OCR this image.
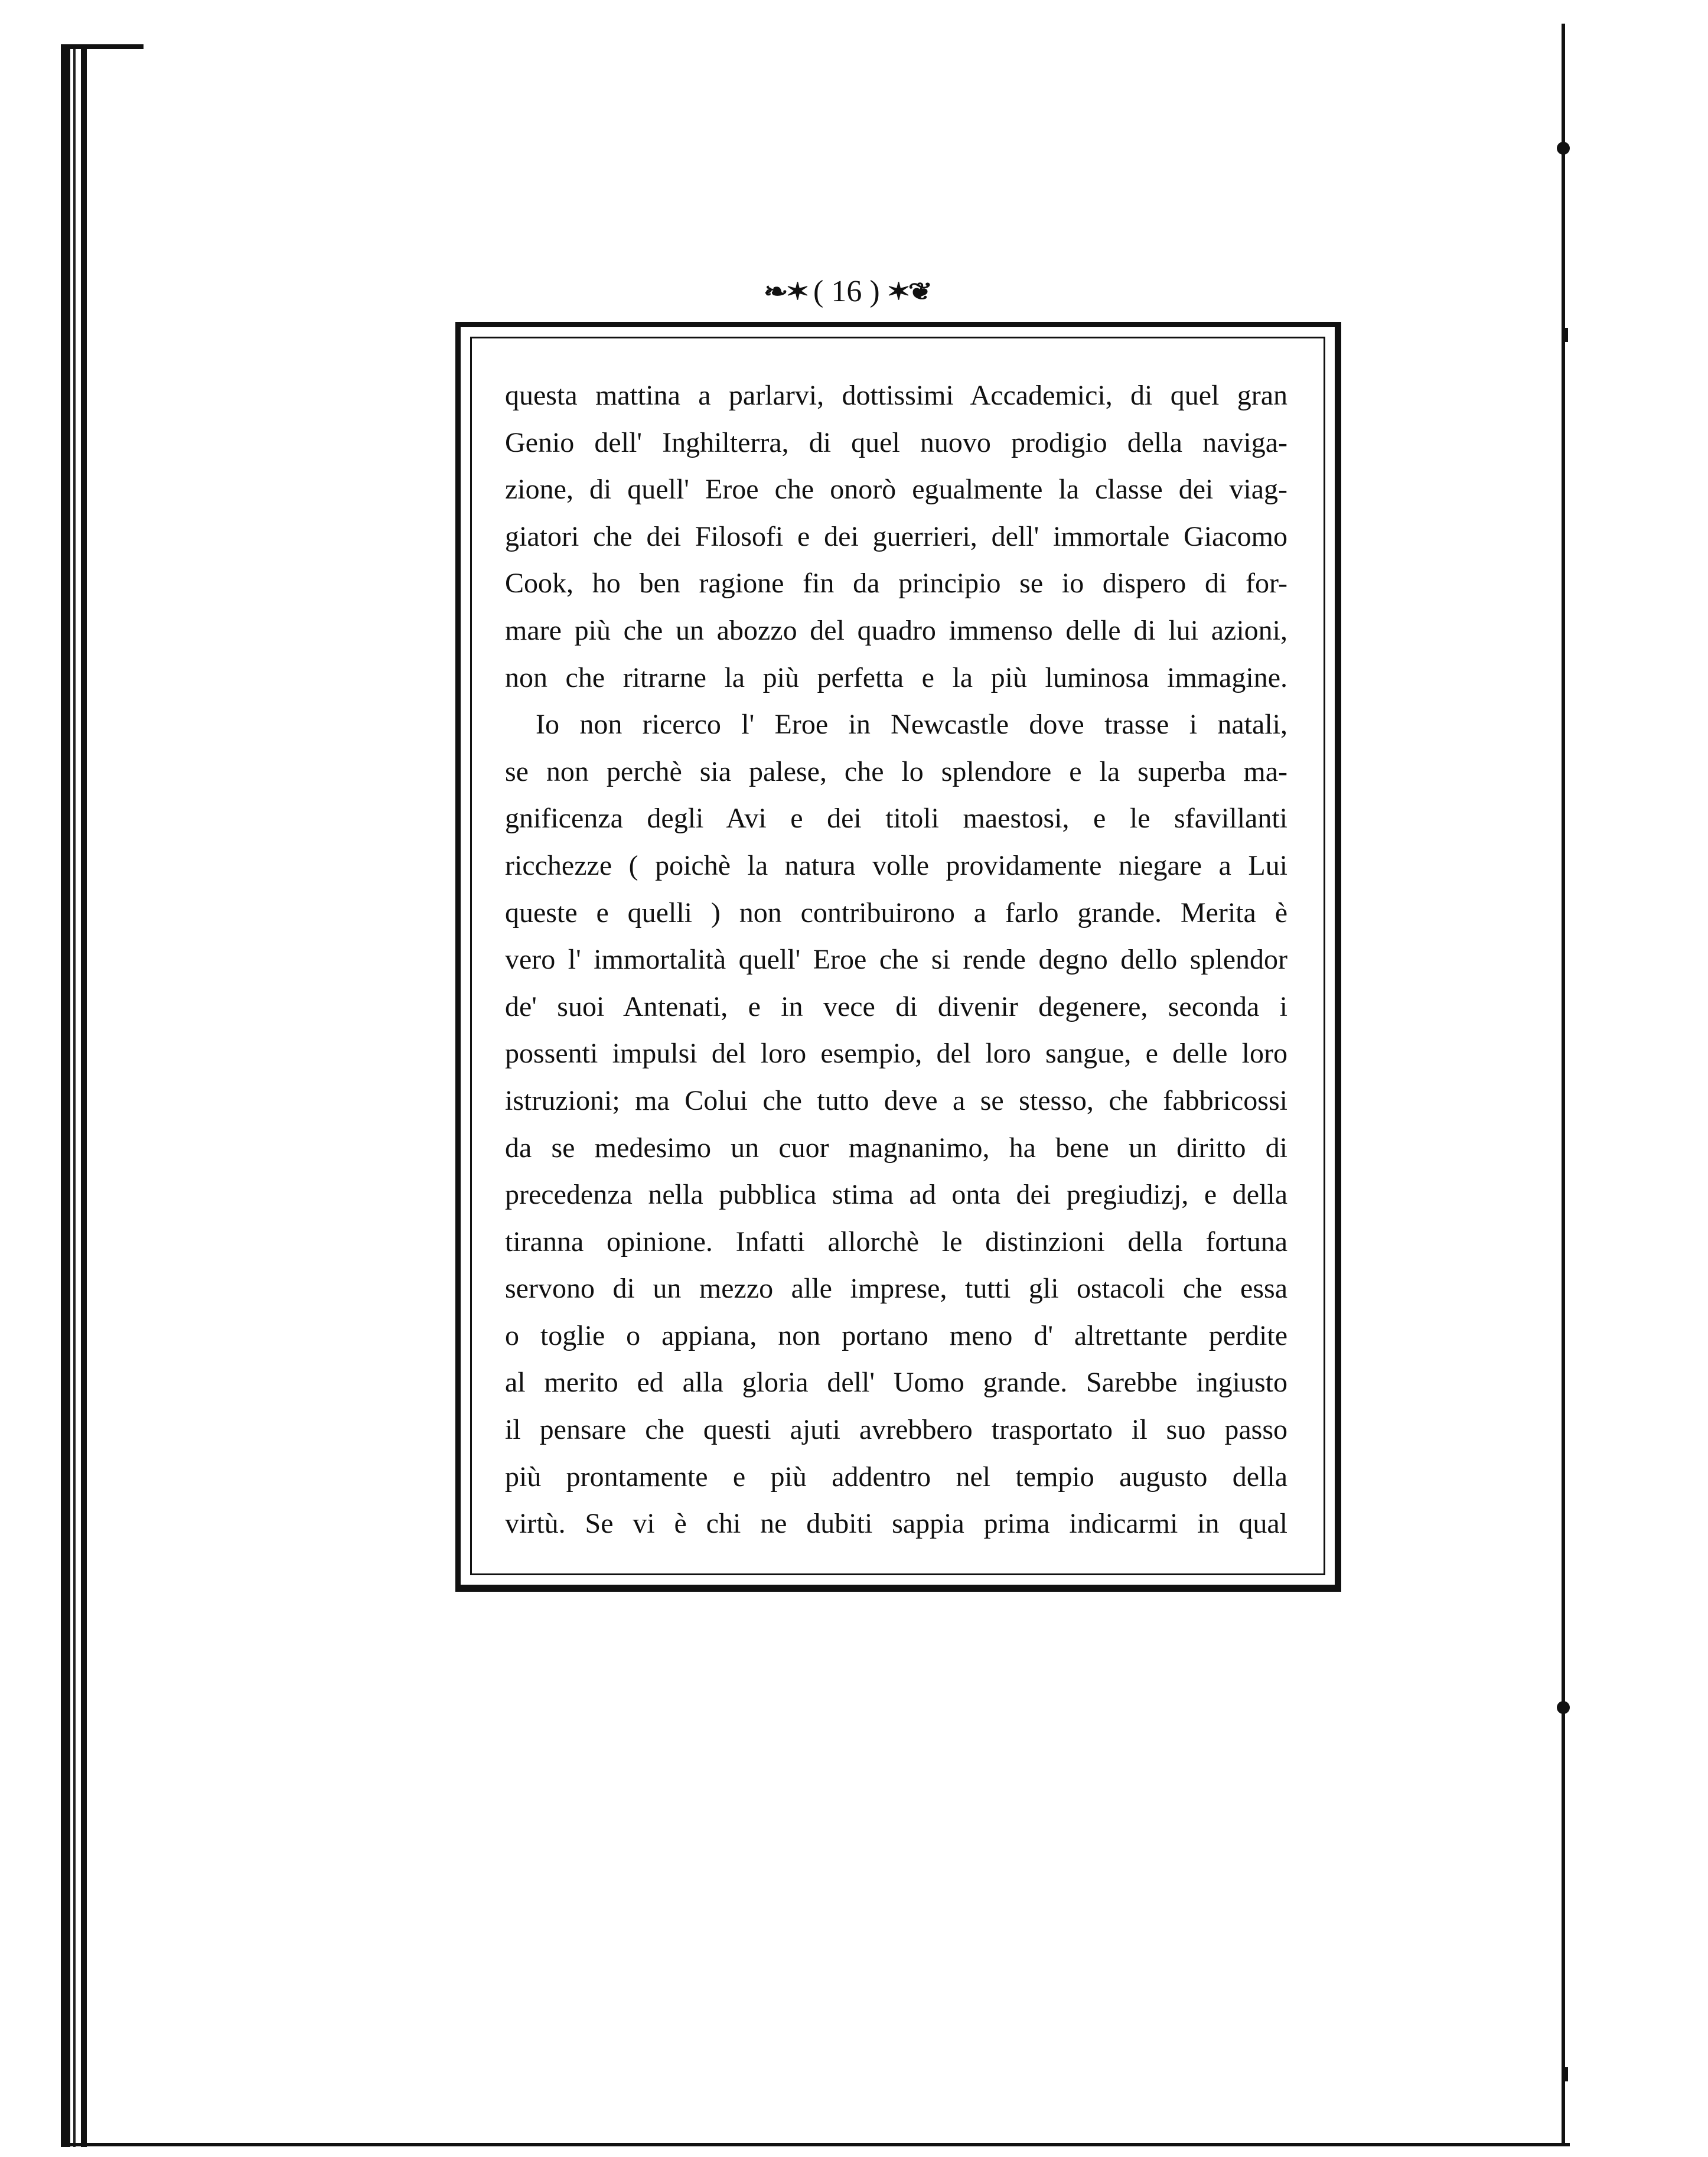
❧✶ ( 16 ) ✶❦
questa mattina a parlarvi, dottissimi Accademici, di quel gran
Genio dell' Inghilterra, di quel nuovo prodigio della naviga-
zione, di quell' Eroe che onorò egualmente la classe dei viag-
giatori che dei Filosofi e dei guerrieri, dell' immortale Giacomo
Cook, ho ben ragione fin da principio se io dispero di for-
mare più che un abozzo del quadro immenso delle di lui azioni,
non che ritrarne la più perfetta e la più luminosa immagine.
Io non ricerco l' Eroe in Newcastle dove trasse i natali,
se non perchè sia palese, che lo splendore e la superba ma-
gnificenza degli Avi e dei titoli maestosi, e le sfavillanti
ricchezze ( poichè la natura volle providamente niegare a Lui
queste e quelli ) non contribuirono a farlo grande. Merita è
vero l' immortalità quell' Eroe che si rende degno dello splendor
de' suoi Antenati, e in vece di divenir degenere, seconda i
possenti impulsi del loro esempio, del loro sangue, e delle loro
istruzioni; ma Colui che tutto deve a se stesso, che fabbricossi
da se medesimo un cuor magnanimo, ha bene un diritto di
precedenza nella pubblica stima ad onta dei pregiudizj, e della
tiranna opinione. Infatti allorchè le distinzioni della fortuna
servono di un mezzo alle imprese, tutti gli ostacoli che essa
o toglie o appiana, non portano meno d' altrettante perdite
al merito ed alla gloria dell' Uomo grande. Sarebbe ingiusto
il pensare che questi ajuti avrebbero trasportato il suo passo
più prontamente e più addentro nel tempio augusto della
virtù. Se vi è chi ne dubiti sappia prima indicarmi in qual
